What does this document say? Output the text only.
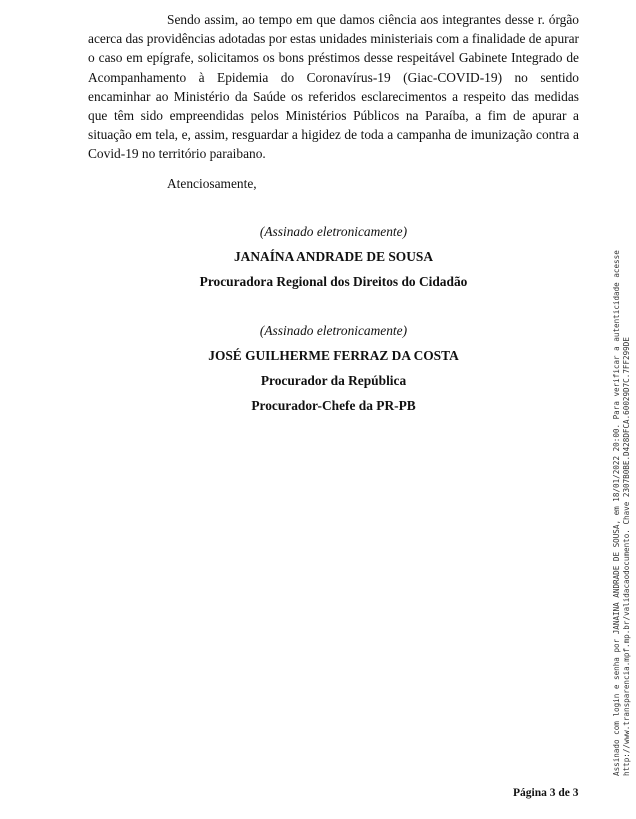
Sendo assim, ao tempo em que damos ciência aos integrantes desse r. órgão acerca das providências adotadas por estas unidades ministeriais com a finalidade de apurar o caso em epígrafe, solicitamos os bons préstimos desse respeitável Gabinete Integrado de Acompanhamento à Epidemia do Coronavírus-19 (Giac-COVID-19) no sentido encaminhar ao Ministério da Saúde os referidos esclarecimentos a respeito das medidas que têm sido empreendidas pelos Ministérios Públicos na Paraíba, a fim de apurar a situação em tela, e, assim, resguardar a higidez de toda a campanha de imunização contra a Covid-19 no território paraibano.

Atenciosamente,

(Assinado eletronicamente)

JANAÍNA ANDRADE DE SOUSA

Procuradora Regional dos Direitos do Cidadão

(Assinado eletronicamente)

JOSÉ GUILHERME FERRAZ DA COSTA

Procurador da República

Procurador-Chefe da PR-PB	Assinado com login e senha por JANAINA ANDRADE DE SOUSA, em 18/01/2022 20:00. Para verificar a autenticidade acesse http://www.transparencia.mpf.mp.br/validacaodocumento. Chave 2307B0BE.D428DFCA.60029D7C.7FF299DE

Página 3 de 3
